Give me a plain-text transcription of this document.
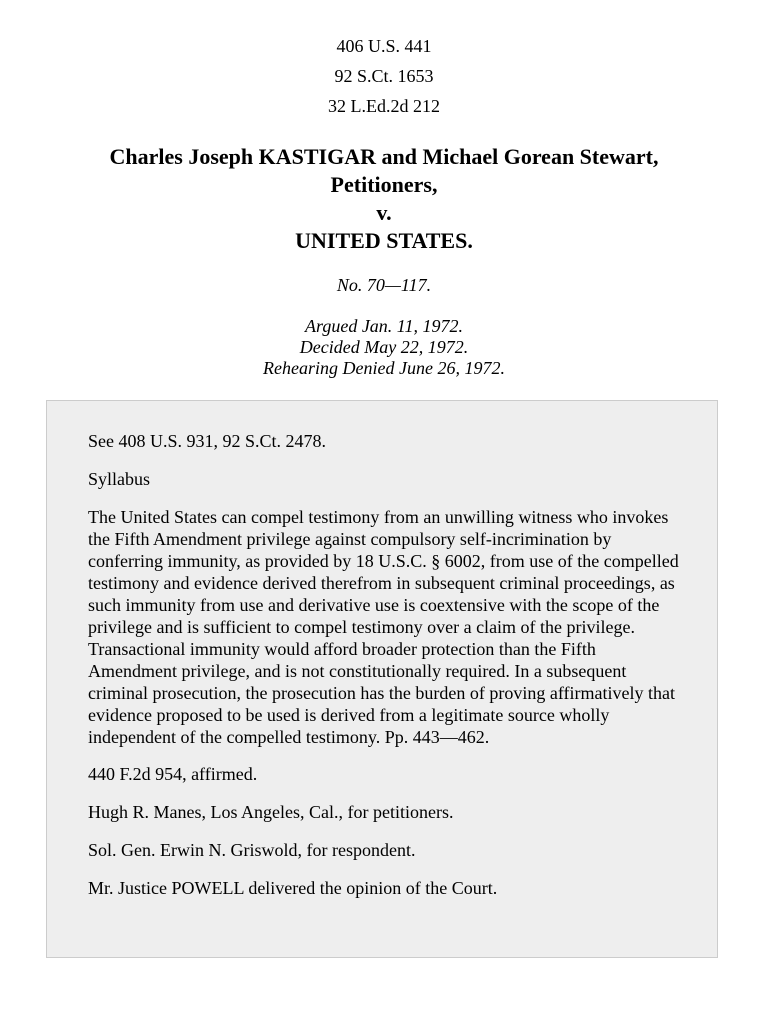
406 U.S. 441
92 S.Ct. 1653
32 L.Ed.2d 212
Charles Joseph KASTIGAR and Michael Gorean Stewart,
Petitioners,
v.
UNITED STATES.
No. 70—117.
Argued Jan. 11, 1972.
Decided May 22, 1972.
Rehearing Denied June 26, 1972.

See 408 U.S. 931, 92 S.Ct. 2478.

Syllabus

The United States can compel testimony from an unwilling witness who invokes the Fifth Amendment privilege against compulsory self-incrimination by conferring immunity, as provided by 18 U.S.C. § 6002, from use of the compelled testimony and evidence derived therefrom in subsequent criminal proceedings, as such immunity from use and derivative use is coextensive with the scope of the privilege and is sufficient to compel testimony over a claim of the privilege. Transactional immunity would afford broader protection than the Fifth Amendment privilege, and is not constitutionally required. In a subsequent criminal prosecution, the prosecution has the burden of proving affirmatively that evidence proposed to be used is derived from a legitimate source wholly independent of the compelled testimony. Pp. 443—462.

440 F.2d 954, affirmed.

Hugh R. Manes, Los Angeles, Cal., for petitioners.

Sol. Gen. Erwin N. Griswold, for respondent.

Mr. Justice POWELL delivered the opinion of the Court.
